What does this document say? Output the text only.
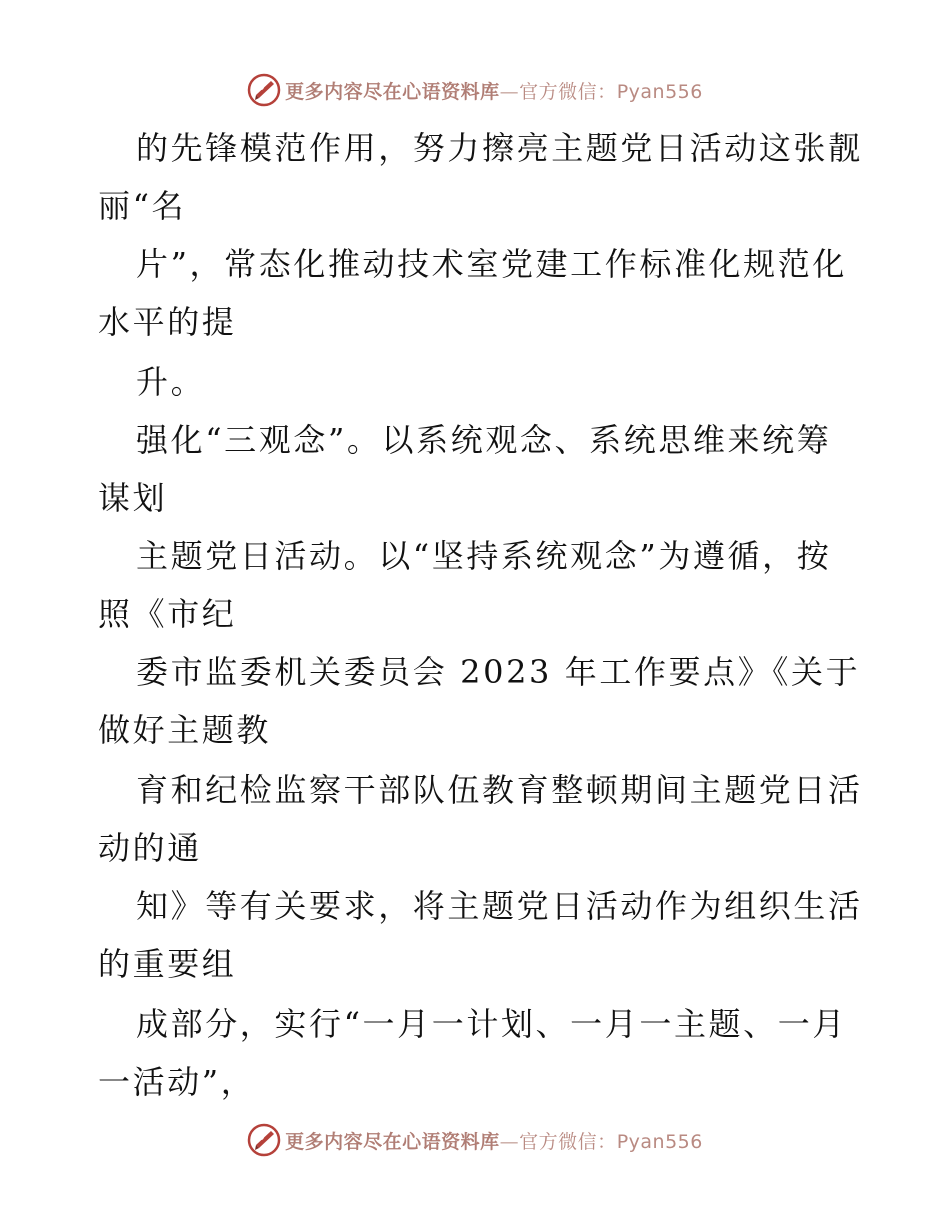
更多内容尽在心语资料库—官方微信：Pyan556
的先锋模范作用，努力擦亮主题党日活动这张靓
丽“名
片”，常态化推动技术室党建工作标准化规范化
水平的提
升。
强化“三观念”。以系统观念、系统思维来统筹
谋划
主题党日活动。以“坚持系统观念”为遵循，按
照《市纪
委市监委机关委员会 2023 年工作要点》《关于
做好主题教
育和纪检监察干部队伍教育整顿期间主题党日活
动的通
知》等有关要求，将主题党日活动作为组织生活
的重要组
成部分，实行“一月一计划、一月一主题、一月
一活动”，
更多内容尽在心语资料库—官方微信：Pyan556
